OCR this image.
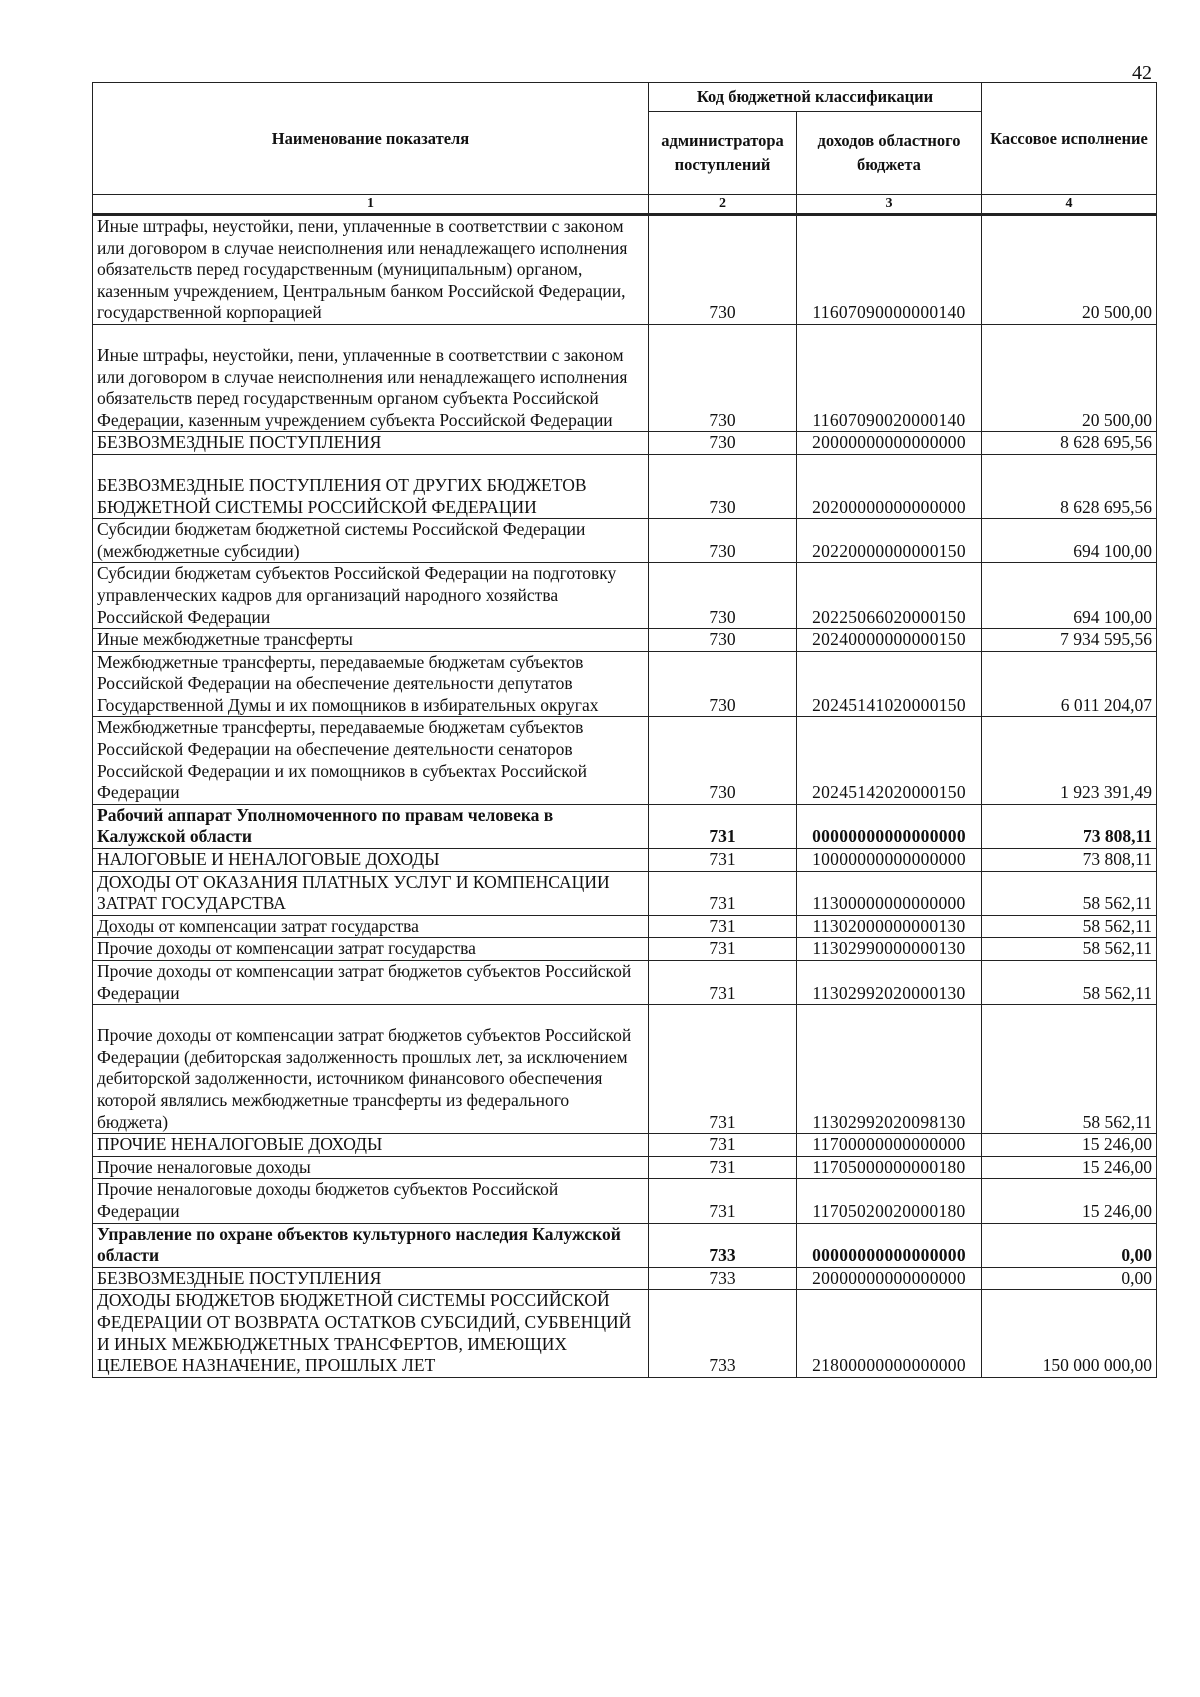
42
Наименование показателя	Код бюджетной классификации		Кассовое исполнение
	администратора поступлений	доходов областного бюджета	
1	2	3	4
Иные штрафы, неустойки, пени, уплаченные в соответствии с законом или договором в случае неисполнения или ненадлежащего исполнения обязательств перед государственным (муниципальным) органом, казенным учреждением, Центральным банком Российской Федерации, государственной корпорацией	730	11607090000000140	20 500,00
Иные штрафы, неустойки, пени, уплаченные в соответствии с законом или договором в случае неисполнения или ненадлежащего исполнения обязательств перед государственным органом субъекта Российской Федерации, казенным учреждением субъекта Российской Федерации	730	11607090020000140	20 500,00
БЕЗВОЗМЕЗДНЫЕ ПОСТУПЛЕНИЯ	730	20000000000000000	8 628 695,56
БЕЗВОЗМЕЗДНЫЕ ПОСТУПЛЕНИЯ ОТ ДРУГИХ БЮДЖЕТОВ БЮДЖЕТНОЙ СИСТЕМЫ РОССИЙСКОЙ ФЕДЕРАЦИИ	730	20200000000000000	8 628 695,56
Субсидии бюджетам бюджетной системы Российской Федерации (межбюджетные субсидии)	730	20220000000000150	694 100,00
Субсидии бюджетам субъектов Российской Федерации на подготовку управленческих кадров для организаций народного хозяйства Российской Федерации	730	20225066020000150	694 100,00
Иные межбюджетные трансферты	730	20240000000000150	7 934 595,56
Межбюджетные трансферты, передаваемые бюджетам субъектов Российской Федерации на обеспечение деятельности депутатов Государственной Думы и их помощников в избирательных округах	730	20245141020000150	6 011 204,07
Межбюджетные трансферты, передаваемые бюджетам субъектов Российской Федерации на обеспечение деятельности сенаторов Российской Федерации и их помощников в субъектах Российской Федерации	730	20245142020000150	1 923 391,49
Рабочий аппарат Уполномоченного по правам человека в Калужской области	731	00000000000000000	73 808,11
НАЛОГОВЫЕ И НЕНАЛОГОВЫЕ ДОХОДЫ	731	10000000000000000	73 808,11
ДОХОДЫ ОТ ОКАЗАНИЯ ПЛАТНЫХ УСЛУГ И КОМПЕНСАЦИИ ЗАТРАТ ГОСУДАРСТВА	731	11300000000000000	58 562,11
Доходы от компенсации затрат государства	731	11302000000000130	58 562,11
Прочие доходы от компенсации затрат государства	731	11302990000000130	58 562,11
Прочие доходы от компенсации затрат бюджетов субъектов Российской Федерации	731	11302992020000130	58 562,11
Прочие доходы от компенсации затрат бюджетов субъектов Российской Федерации (дебиторская задолженность прошлых лет, за исключением дебиторской задолженности, источником финансового обеспечения которой являлись межбюджетные трансферты из федерального бюджета)	731	11302992020098130	58 562,11
ПРОЧИЕ НЕНАЛОГОВЫЕ ДОХОДЫ	731	11700000000000000	15 246,00
Прочие неналоговые доходы	731	11705000000000180	15 246,00
Прочие неналоговые доходы бюджетов субъектов Российской Федерации	731	11705020020000180	15 246,00
Управление по охране объектов культурного наследия Калужской области	733	00000000000000000	0,00
БЕЗВОЗМЕЗДНЫЕ ПОСТУПЛЕНИЯ	733	20000000000000000	0,00
ДОХОДЫ БЮДЖЕТОВ БЮДЖЕТНОЙ СИСТЕМЫ РОССИЙСКОЙ ФЕДЕРАЦИИ ОТ ВОЗВРАТА ОСТАТКОВ СУБСИДИЙ, СУБВЕНЦИЙ И ИНЫХ МЕЖБЮДЖЕТНЫХ ТРАНСФЕРТОВ, ИМЕЮЩИХ ЦЕЛЕВОЕ НАЗНАЧЕНИЕ, ПРОШЛЫХ ЛЕТ	733	21800000000000000	150 000 000,00
